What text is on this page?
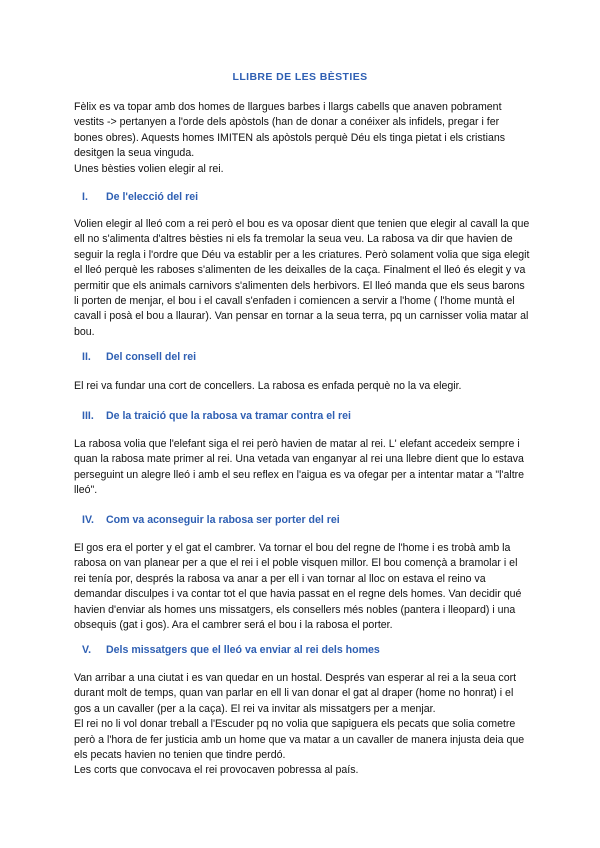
LLIBRE DE LES BÈSTIES

Fèlix es va topar amb dos homes de llargues barbes i llargs cabells que anaven pobrament vestits -> pertanyen a l'orde dels apòstols (han de donar a conéixer als infidels, pregar i fer bones obres). Aquests homes IMITEN als apòstols perquè Déu els tinga pietat i els cristians desitgen la seua vinguda.

Unes bèsties volien elegir al rei.

I. De l'elecció del rei

Volien elegir al lleó com a rei però el bou es va oposar dient que tenien que elegir al cavall la que ell no s'alimenta d'altres bèsties ni els fa tremolar la seua veu. La rabosa va dir que havien de seguir la regla i l'ordre que Déu va establir per a les criatures. Però solament volia que siga elegit el lleó perquè les raboses s'alimenten de les deixalles de la caça. Finalment el lleó és elegit y va permitir que els animals carnivors s'alimenten dels herbivors. El lleó manda que els seus barons li porten de menjar, el bou i el cavall s'enfaden i comiencen a servir a l'home ( l'home muntà el cavall i posà el bou a llaurar). Van pensar en tornar a la seua terra, pq un carnisser volia matar al bou.

II. Del consell del rei

El rei va fundar una cort de concellers. La rabosa es enfada perquè no la va elegir.

III. De la traició que la rabosa va tramar contra el rei

La rabosa volia que l'elefant siga el rei però havien de matar al rei. L' elefant accedeix sempre i quan la rabosa mate primer al rei. Una vetada van enganyar al rei una llebre dient que lo estava perseguint un alegre lleó i amb el seu reflex en l'aigua es va ofegar per a intentar matar a "l'altre lleó".

IV. Com va aconseguir la rabosa ser porter del rei

El gos era el porter y el gat el cambrer. Va tornar el bou del regne de l'home i es trobà amb la rabosa on van planear per a que el rei i el poble visquen millor. El bou començà a bramolar i el rei tenía por, després la rabosa va anar a per ell i van tornar al lloc on estava el reino va demandar disculpes i va contar tot el que havia passat en el regne dels homes. Van decidir qué havien d'enviar als homes uns missatgers, els consellers més nobles (pantera i lleopard) i una obsequis (gat i gos). Ara el cambrer será el bou i la rabosa el porter.

V. Dels missatgers que el lleó va enviar al rei dels homes

Van arribar a una ciutat i es van quedar en un hostal. Després van esperar al rei a la seua cort durant molt de temps, quan van parlar en ell li van donar el gat al draper (home no honrat) i el gos a un cavaller (per a la caça). El rei va invitar als missatgers per a menjar.

El rei no li vol donar treball a l'Escuder pq no volia que sapiguera els pecats que solia cometre però a l'hora de fer justicia amb un home que va matar a un cavaller de manera injusta deia que els pecats havien no tenien que tindre perdó.

Les corts que convocava el rei provocaven pobressa al país.
